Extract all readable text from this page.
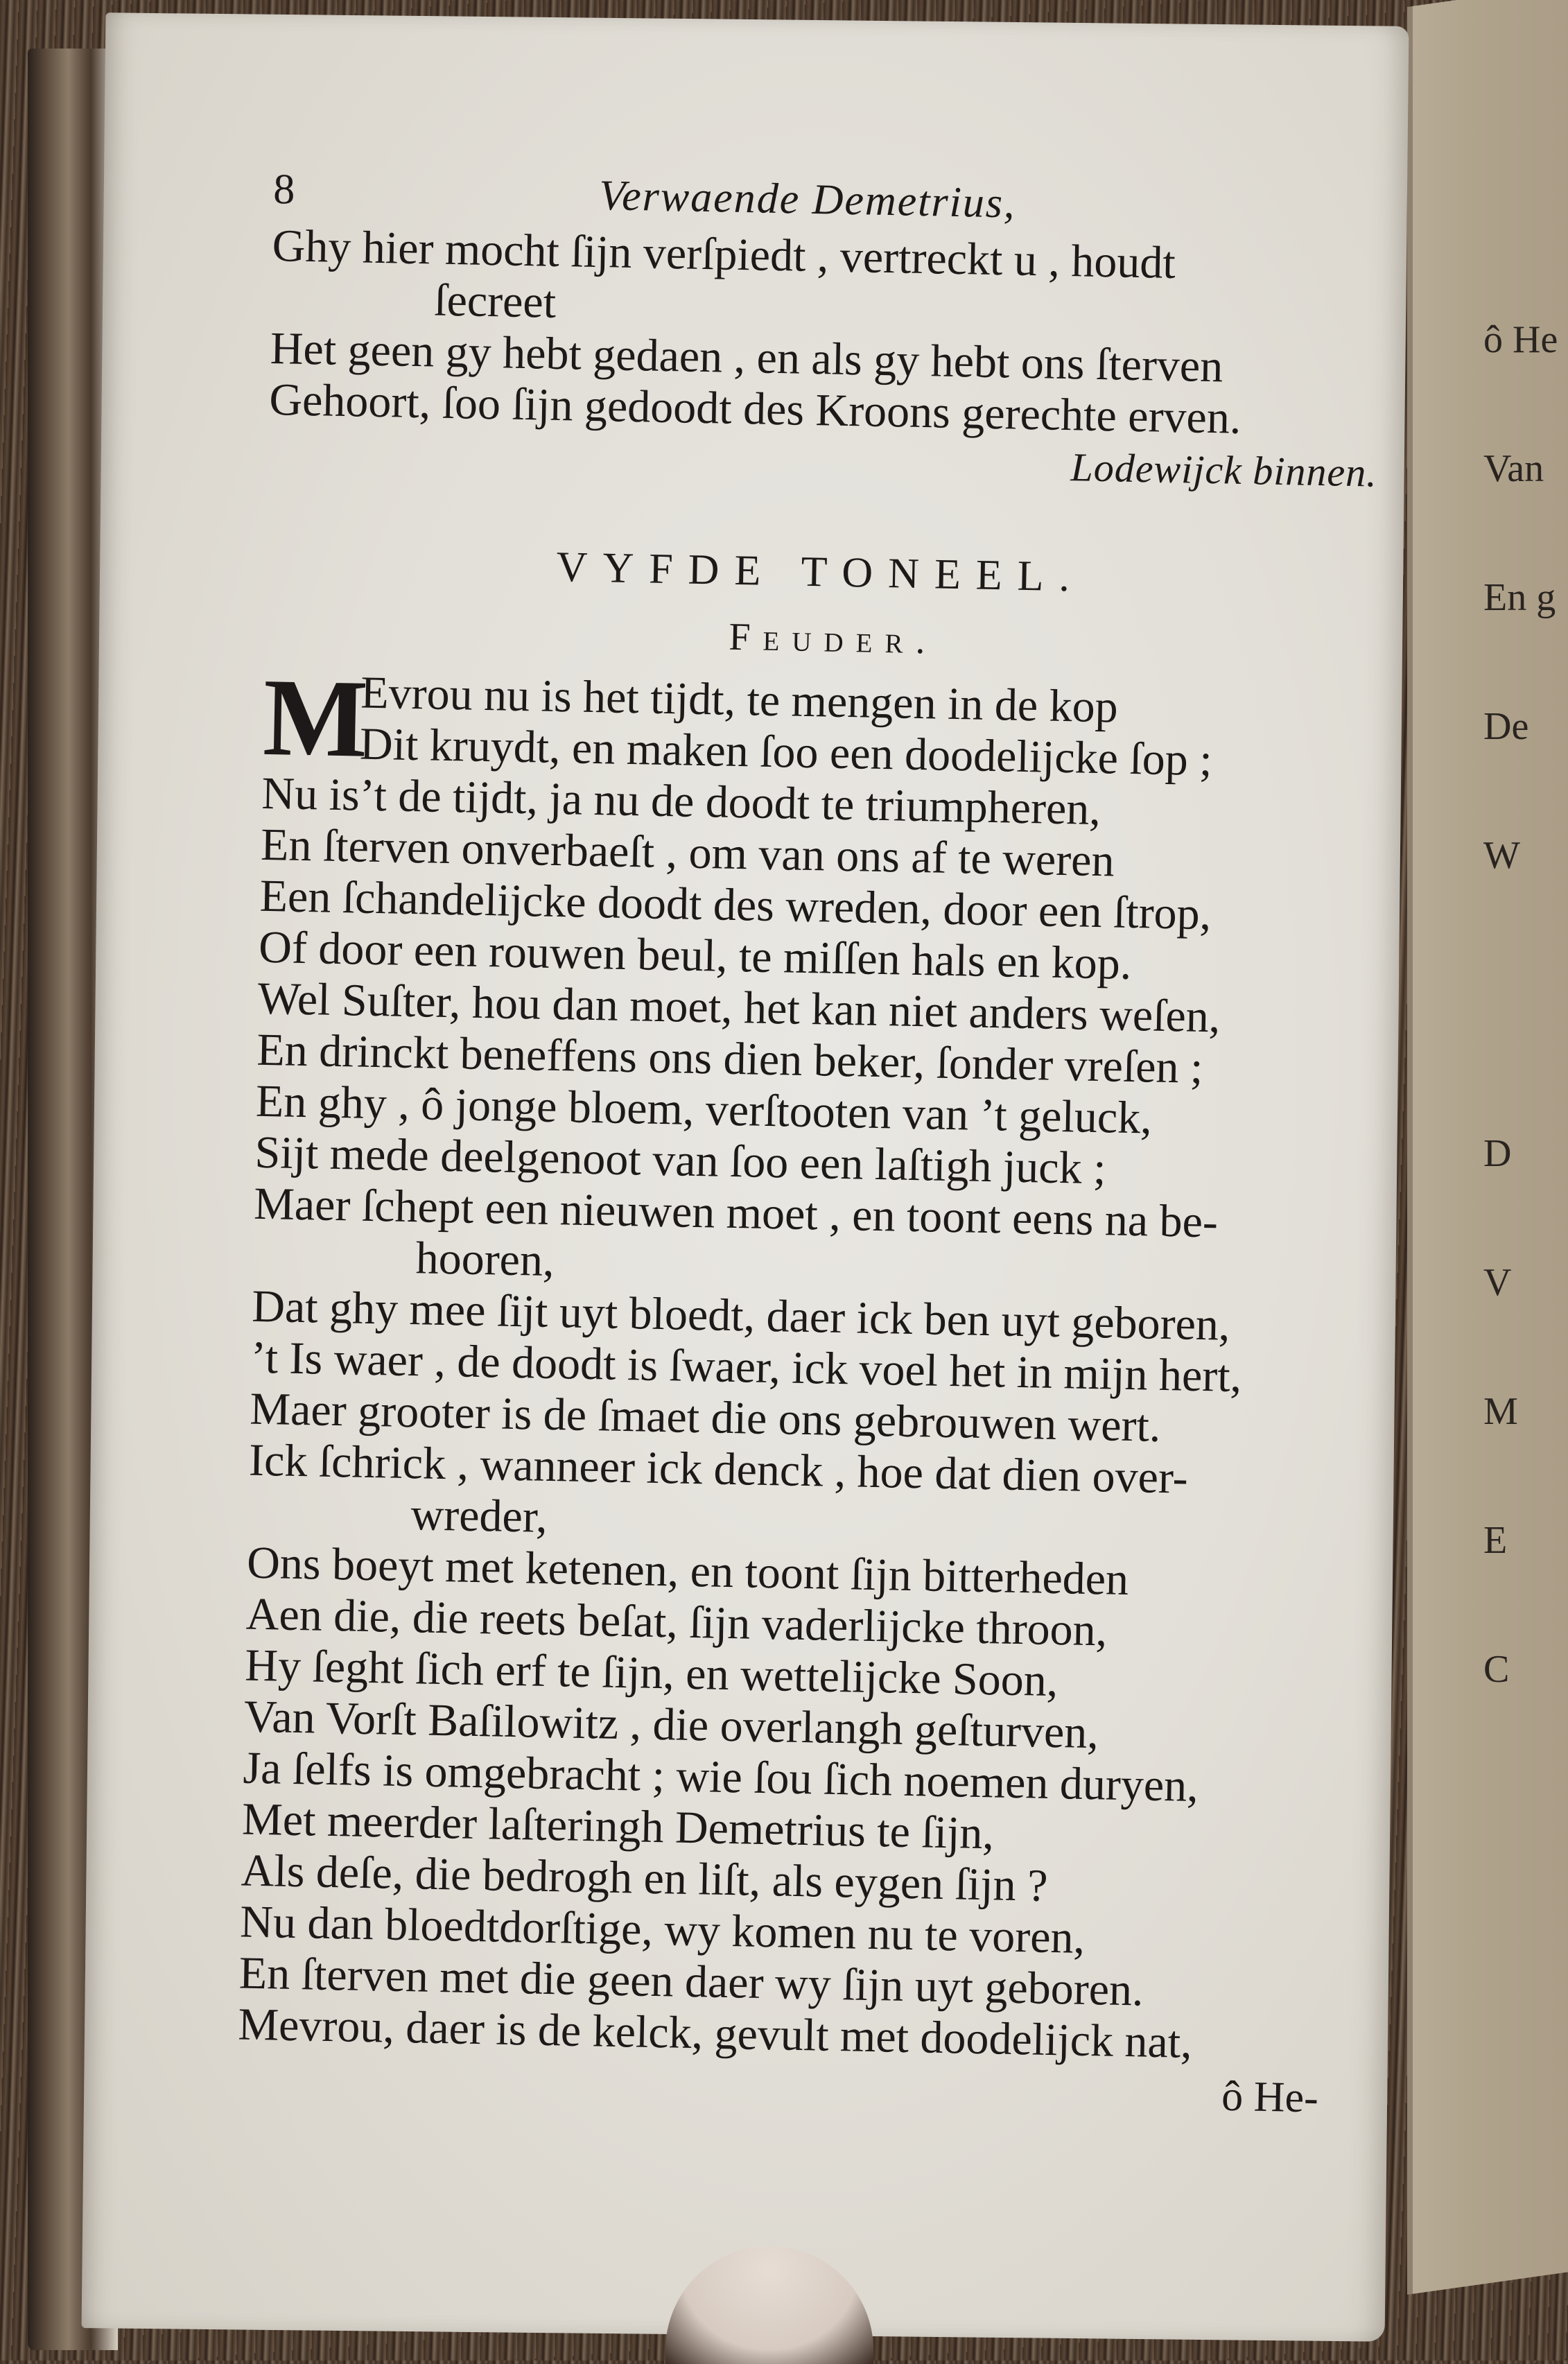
ô He

Van

En g

De

W

D

V

M

E

C

8	Verwaende Demetrius,
Ghy hier mocht ſijn verſpiedt , vertreckt u , houdt
ſecreet
Het geen gy hebt gedaen , en als gy hebt ons ſterven
Gehoort, ſoo ſijn gedoodt des Kroons gerechte erven.
Lodewijck binnen.
VYFDE TONEEL.
Feuder.
M
Evrou nu is het tijdt, te mengen in de kop
Dit kruydt, en maken ſoo een doodelijcke ſop ;
Nu is’t de tijdt, ja nu de doodt te triumpheren,
En ſterven onverbaeſt , om van ons af te weren
Een ſchandelijcke doodt des wreden, door een ſtrop,
Of door een rouwen beul, te miſſen hals en kop.
Wel Suſter, hou dan moet, het kan niet anders weſen,
En drinckt beneffens ons dien beker, ſonder vreſen ;
En ghy , ô jonge bloem, verſtooten van ’t geluck,
Sijt mede deelgenoot van ſoo een laſtigh juck ;
Maer ſchept een nieuwen moet , en toont eens na be-
hooren,
Dat ghy mee ſijt uyt bloedt, daer ick ben uyt geboren,
’t Is waer , de doodt is ſwaer, ick voel het in mijn hert,
Maer grooter is de ſmaet die ons gebrouwen wert.
Ick ſchrick , wanneer ick denck , hoe dat dien over-
wreder,
Ons boeyt met ketenen, en toont ſijn bitterheden
Aen die, die reets beſat, ſijn vaderlijcke throon,
Hy ſeght ſich erf te ſijn, en wettelijcke Soon,
Van Vorſt Baſilowitz , die overlangh geſturven,
Ja ſelfs is omgebracht ; wie ſou ſich noemen duryen,
Met meerder laſteringh Demetrius te ſijn,
Als deſe, die bedrogh en liſt, als eygen ſijn ?
Nu dan bloedtdorſtige, wy komen nu te voren,
En ſterven met die geen daer wy ſijn uyt geboren.
Mevrou, daer is de kelck, gevult met doodelijck nat,
ô He-
